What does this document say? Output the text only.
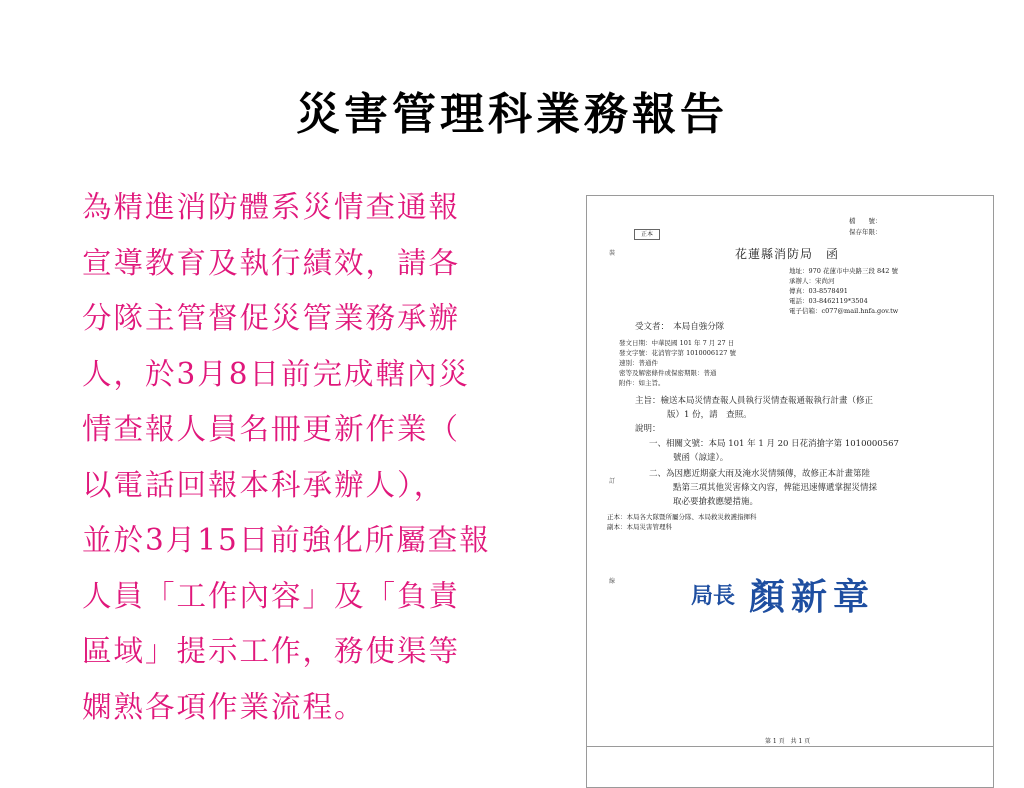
災害管理科業務報告
為精進消防體系災情查通報
宣導教育及執行績效，請各
分隊主管督促災管業務承辦
人，於3月8日前完成轄內災
情查報人員名冊更新作業（
以電話回報本科承辦人），
並於3月15日前強化所屬查報
人員「工作內容」及「負責
區域」提示工作，務使渠等
嫻熟各項作業流程。
檔　　號：
保存年限：
正本
花蓮縣消防局　函
地址：970 花蓮市中央路三段 842 號
承辦人：宋尚河
傳真：03-8578491
電話：03-8462119*3504
電子信箱：c077@mail.hnfa.gov.tw
受文者：　本局自強分隊
發文日期：中華民國 101 年 7 月 27 日
發文字號：花消管字第 1010006127 號
速別：普通件
密等及解密條件或保密期限：普通
附件：如主旨。
主旨：檢送本局災情查報人員執行災情查報通報執行計畫（修正
版）1 份，請　查照。
說明：
一、相關文號：本局 101 年 1 月 20 日花消搶字第 1010000567
號函（諒達）。
二、為因應近期豪大雨及淹水災情頻傳，故修正本計畫第陸
點第三項其他災害條文內容，俾能迅速傳遞掌握災情採
取必要搶救應變措施。
正本：本局各大隊暨所屬分隊、本局救災救護指揮科
副本：本局災害管理科
裝
訂
線
局長 顏新章
第 1 頁　共 1 頁
